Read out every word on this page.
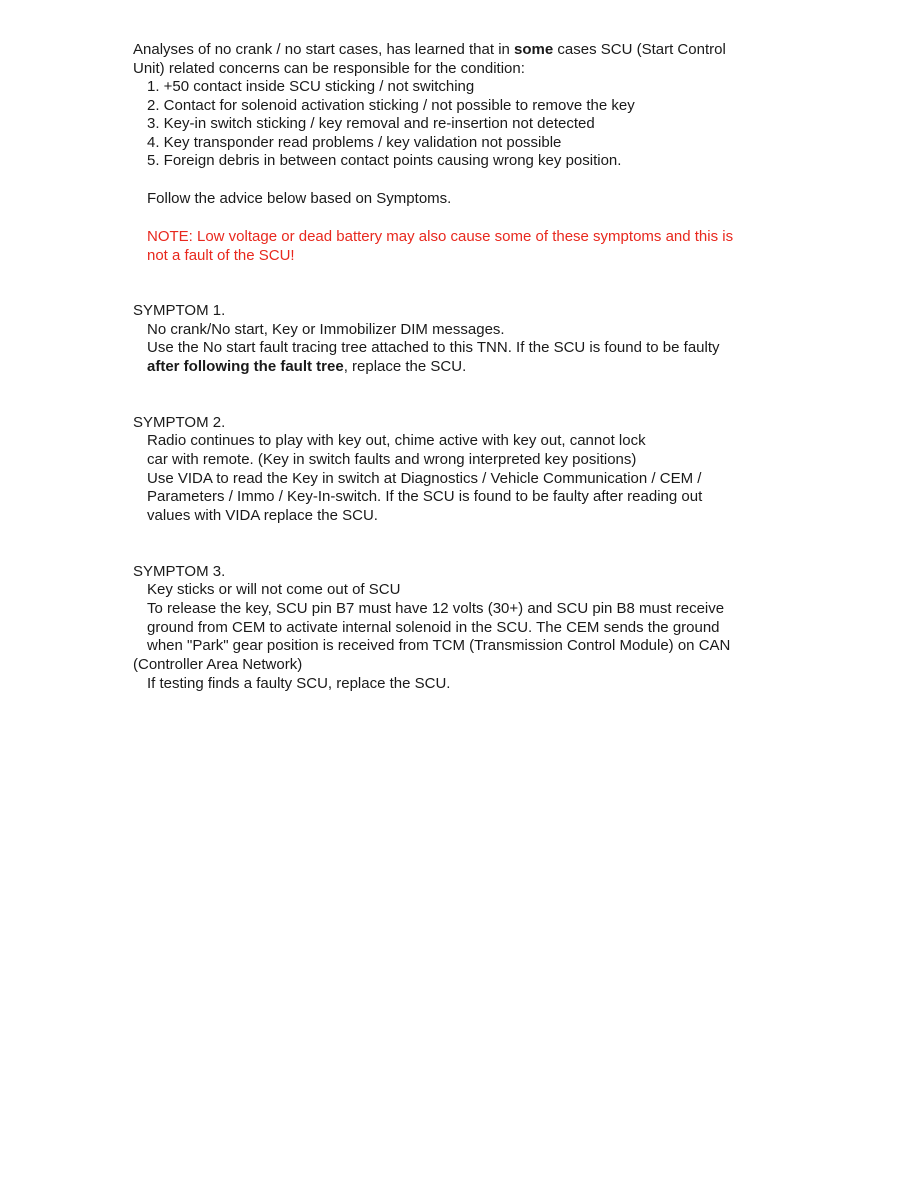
Analyses of no crank / no start cases, has learned that in some cases SCU (Start Control
Unit) related concerns can be responsible for the condition:
1. +50 contact inside SCU sticking / not switching
2. Contact for solenoid activation sticking / not possible to remove the key
3. Key-in switch sticking / key removal and re-insertion not detected
4. Key transponder read problems / key validation not possible
5. Foreign debris in between contact points causing wrong key position.
Follow the advice below based on Symptoms.
NOTE: Low voltage or dead battery may also cause some of these symptoms and this is
not a fault of the SCU!
SYMPTOM 1.
No crank/No start, Key or Immobilizer DIM messages.
Use the No start fault tracing tree attached to this TNN. If the SCU is found to be faulty
after following the fault tree, replace the SCU.
SYMPTOM 2.
Radio continues to play with key out, chime active with key out, cannot lock
car with remote. (Key in switch faults and wrong interpreted key positions)
Use VIDA to read the Key in switch at Diagnostics / Vehicle Communication / CEM /
Parameters / Immo / Key-In-switch. If the SCU is found to be faulty after reading out
values with VIDA replace the SCU.
SYMPTOM 3.
Key sticks or will not come out of SCU
To release the key, SCU pin B7 must have 12 volts (30+) and SCU pin B8 must receive
ground from CEM to activate internal solenoid in the SCU. The CEM sends the ground
when "Park" gear position is received from TCM (Transmission Control Module) on CAN
(Controller Area Network)
If testing finds a faulty SCU, replace the SCU.
